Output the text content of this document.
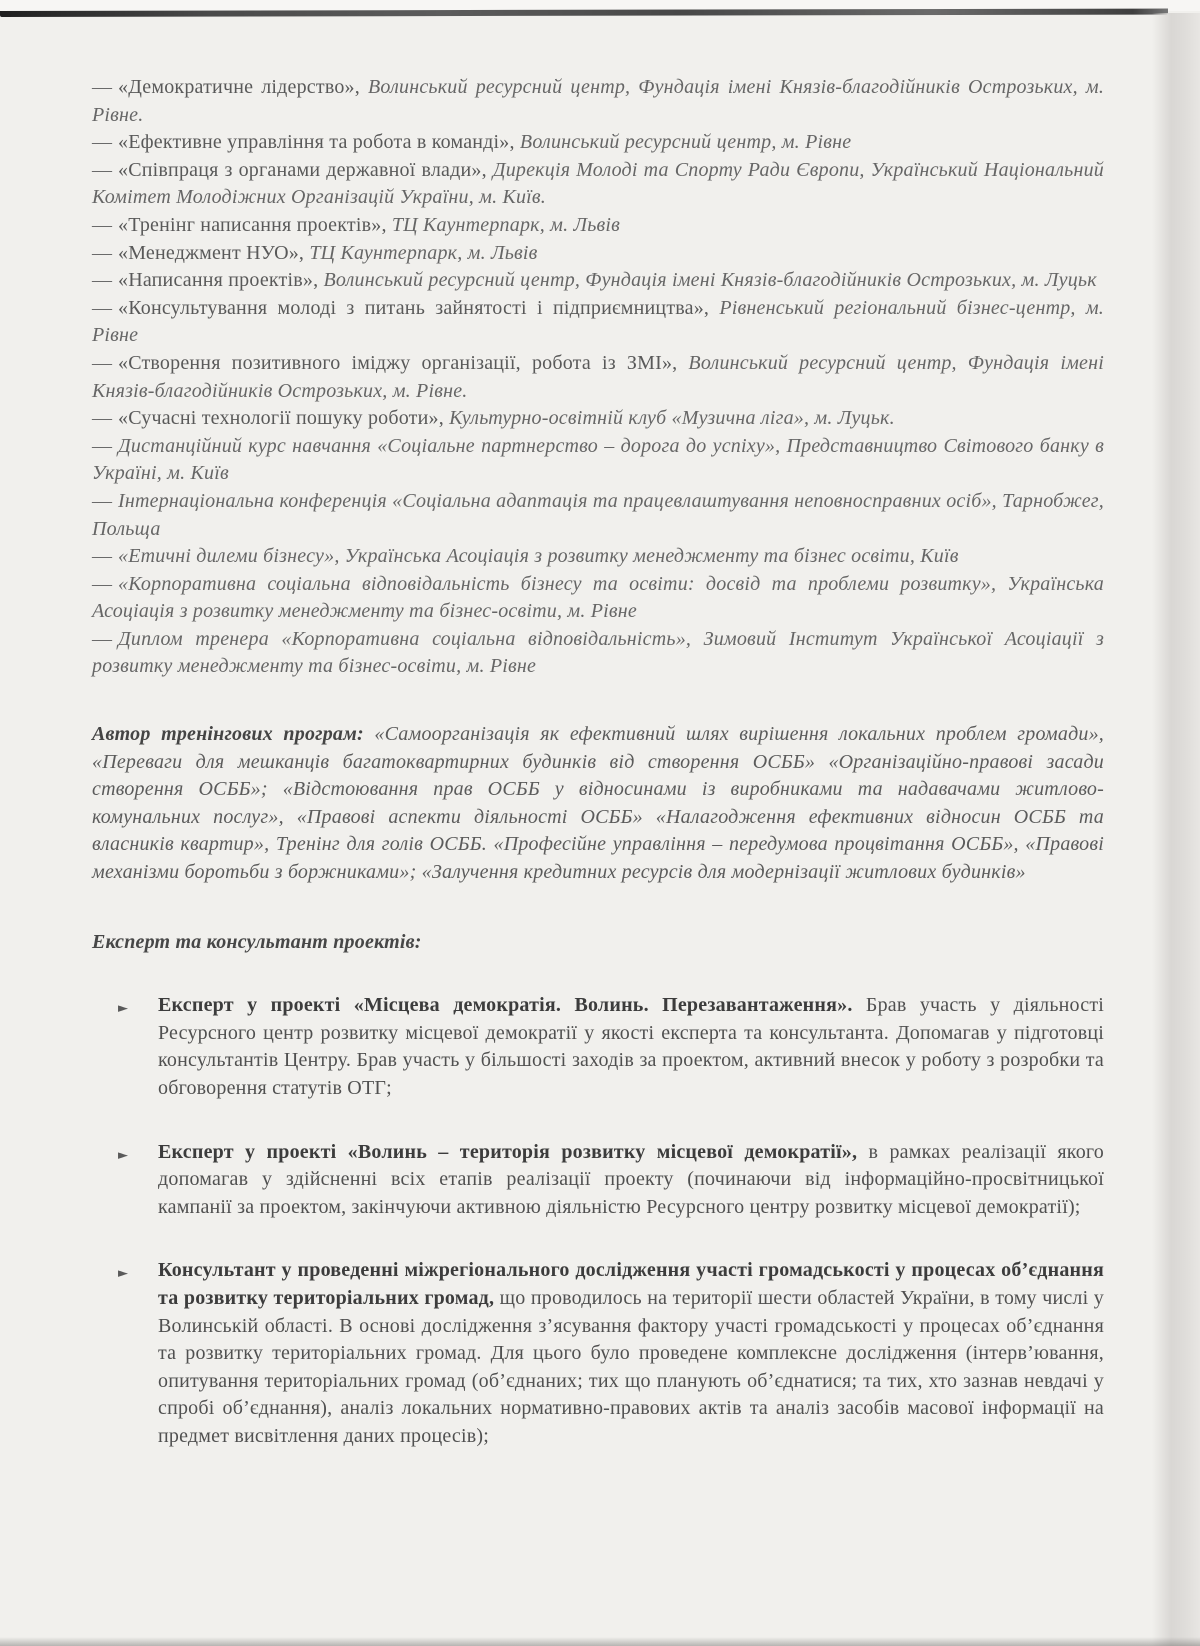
— «Демократичне лідерство», Волинський ресурсний центр, Фундація імені Князів-благодійників Острозьких, м. Рівне.

— «Ефективне управління та робота в команді», Волинський ресурсний центр, м. Рівне

— «Співпраця з органами державної влади», Дирекція Молоді та Спорту Ради Європи, Український Національний Комітет Молодіжних Організацій України, м. Київ.

— «Тренінг написання проектів», ТЦ Каунтерпарк, м. Львів

— «Менеджмент НУО», ТЦ Каунтерпарк, м. Львів

— «Написання проектів», Волинський ресурсний центр, Фундація імені Князів-благодійників Острозьких, м. Луцьк

— «Консультування молоді з питань зайнятості і підприємництва», Рівненський регіональний бізнес-центр, м. Рівне

— «Створення позитивного іміджу організації, робота із ЗМІ», Волинський ресурсний центр, Фундація імені Князів-благодійників Острозьких, м. Рівне.

— «Сучасні технології пошуку роботи», Культурно-освітній клуб «Музична ліга», м. Луцьк.

— Дистанційний курс навчання «Соціальне партнерство – дорога до успіху», Представництво Світового банку в Україні, м. Київ

— Інтернаціональна конференція «Соціальна адаптація та працевлаштування неповносправних осіб», Тарнобжег, Польща

— «Етичні дилеми бізнесу», Українська Асоціація з розвитку менеджменту та бізнес освіти, Київ

— «Корпоративна соціальна відповідальність бізнесу та освіти: досвід та проблеми розвитку», Українська Асоціація з розвитку менеджменту та бізнес-освіти, м. Рівне

— Диплом тренера «Корпоративна соціальна відповідальність», Зимовий Інститут Української Асоціації з розвитку менеджменту та бізнес-освіти, м. Рівне

Автор тренінгових програм: «Самоорганізація як ефективний шлях вирішення локальних проблем громади», «Переваги для мешканців багатоквартирних будинків від створення ОСББ» «Організаційно-правові засади створення ОСББ»; «Відстоювання прав ОСББ у відносинами із виробниками та надавачами житлово-комунальних послуг», «Правові аспекти діяльності ОСББ» «Налагодження ефективних відносин ОСББ та власників квартир», Тренінг для голів ОСББ. «Професійне управління – передумова процвітання ОСББ», «Правові механізми боротьби з боржниками»; «Залучення кредитних ресурсів для модернізації житлових будинків»

Експерт та консультант проектів:

► Експерт у проекті «Місцева демократія. Волинь. Перезавантаження». Брав участь у діяльності Ресурсного центр розвитку місцевої демократії у якості експерта та консультанта. Допомагав у підготовці консультантів Центру. Брав участь у більшості заходів за проектом, активний внесок у роботу з розробки та обговорення статутів ОТГ;
► Експерт у проекті «Волинь – територія розвитку місцевої демократії», в рамках реалізації якого допомагав у здійсненні всіх етапів реалізації проекту (починаючи від інформаційно-просвітницької кампанії за проектом, закінчуючи активною діяльністю Ресурсного центру розвитку місцевої демократії);
► Консультант у проведенні міжрегіонального дослідження участі громадськості у процесах об’єднання та розвитку територіальних громад, що проводилось на території шести областей України, в тому числі у Волинській області. В основі дослідження з’ясування фактору участі громадськості у процесах об’єднання та розвитку територіальних громад. Для цього було проведене комплексне дослідження (інтерв’ювання, опитування територіальних громад (об’єднаних; тих що планують об’єднатися; та тих, хто зазнав невдачі у спробі об’єднання), аналіз локальних нормативно-правових актів та аналіз засобів масової інформації на предмет висвітлення даних процесів);
